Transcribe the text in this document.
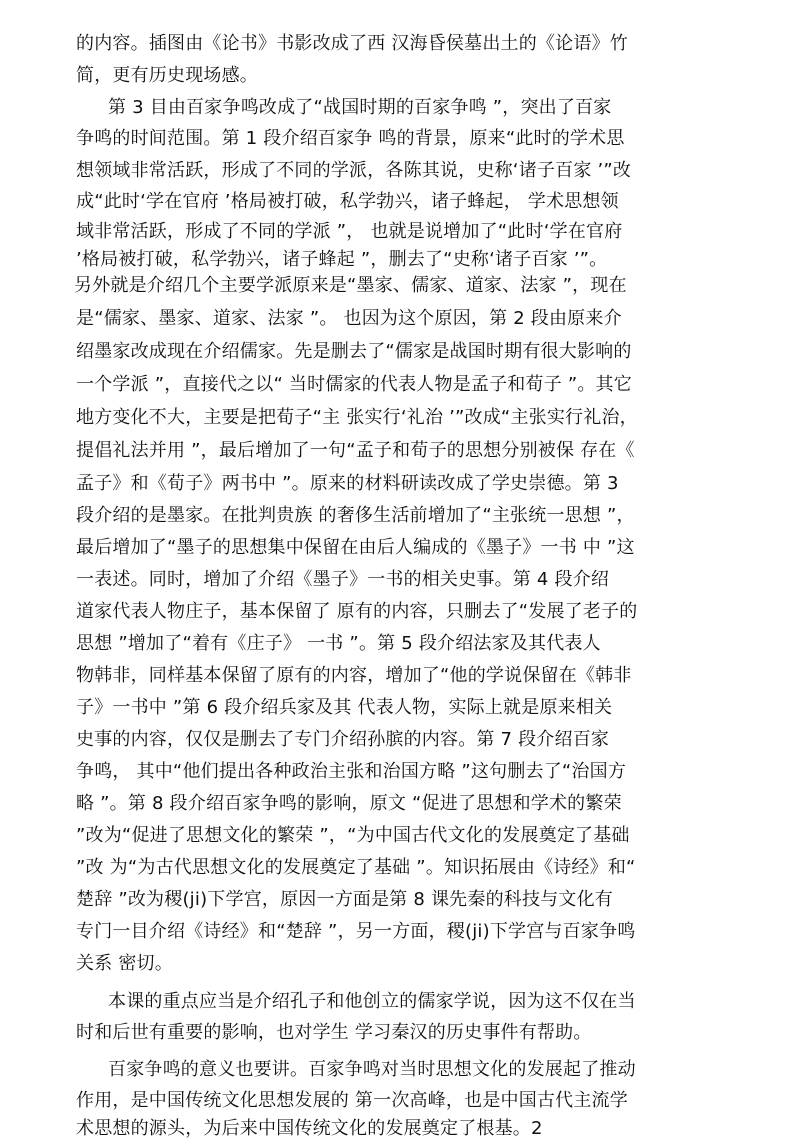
的内容。插图由《论书》书影改成了西 汉海昏侯墓出土的《论语》竹
简，更有历史现场感。
第 3 目由百家争鸣改成了“战国时期的百家争鸣 ”，突出了百家
争鸣的时间范围。第 1 段介绍百家争 鸣的背景，原来“此时的学术思
想领域非常活跃，形成了不同的学派，各陈其说，史称‘诸子百家 ’”改
成“此时‘学在官府 ’格局被打破，私学勃兴，诸子蜂起， 学术思想领
域非常活跃，形成了不同的学派 ”， 也就是说增加了“此时‘学在官府
’格局被打破，私学勃兴，诸子蜂起 ”，删去了“史称‘诸子百家 ’”。
另外就是介绍几个主要学派原来是“墨家、儒家、道家、法家 ”，现在
是“儒家、墨家、道家、法家 ”。 也因为这个原因，第 2 段由原来介
绍墨家改成现在介绍儒家。先是删去了“儒家是战国时期有很大影响的
一个学派 ”，直接代之以“ 当时儒家的代表人物是孟子和荀子 ”。其它
地方变化不大，主要是把荀子“主 张实行‘礼治 ’”改成“主张实行礼治，
提倡礼法并用 ”，最后增加了一句“孟子和荀子的思想分别被保 存在《
孟子》和《荀子》两书中 ”。原来的材料研读改成了学史崇德。第 3
段介绍的是墨家。在批判贵族 的奢侈生活前增加了“主张统一思想 ”，
最后增加了“墨子的思想集中保留在由后人编成的《墨子》一书 中 ”这
一表述。同时，增加了介绍《墨子》一书的相关史事。第 4 段介绍
道家代表人物庄子，基本保留了 原有的内容，只删去了“发展了老子的
思想 ”增加了“着有《庄子》 一书 ”。第 5 段介绍法家及其代表人
物韩非，同样基本保留了原有的内容，增加了“他的学说保留在《韩非
子》一书中 ”第 6 段介绍兵家及其 代表人物，实际上就是原来相关
史事的内容，仅仅是删去了专门介绍孙膑的内容。第 7 段介绍百家
争鸣， 其中“他们提出各种政治主张和治国方略 ”这句删去了“治国方
略 ”。第 8 段介绍百家争鸣的影响，原文 “促进了思想和学术的繁荣
”改为“促进了思想文化的繁荣 ”，“为中国古代文化的发展奠定了基础
”改 为“为古代思想文化的发展奠定了基础 ”。知识拓展由《诗经》和“
楚辞 ”改为稷(ji)下学宫，原因一方面是第 8 课先秦的科技与文化有
专门一目介绍《诗经》和“楚辞 ”，另一方面，稷(ji)下学宫与百家争鸣
关系 密切。
本课的重点应当是介绍孔子和他创立的儒家学说，因为这不仅在当
时和后世有重要的影响，也对学生 学习秦汉的历史事件有帮助。
百家争鸣的意义也要讲。百家争鸣对当时思想文化的发展起了推动
作用，是中国传统文化思想发展的 第一次高峰，也是中国古代主流学
术思想的源头，为后来中国传统文化的发展奠定了根基。2
